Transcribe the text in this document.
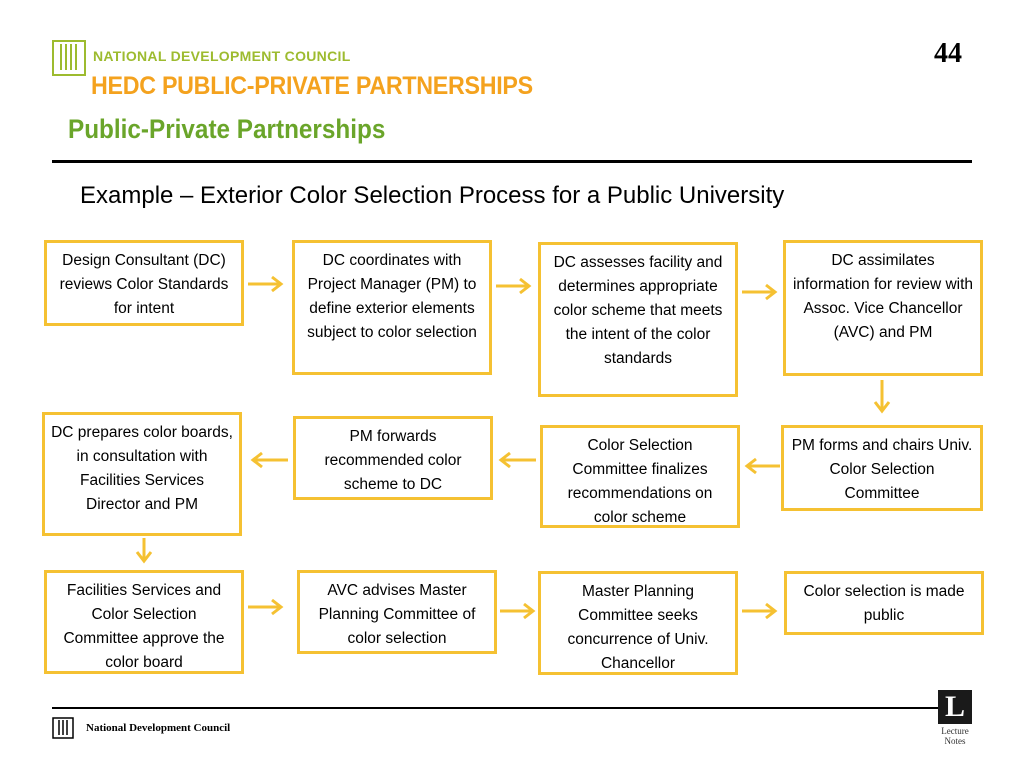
NATIONAL DEVELOPMENT COUNCIL
HEDC PUBLIC-PRIVATE PARTNERSHIPS
44
Public-Private Partnerships
Example – Exterior Color Selection Process for a Public University
Design Consultant (DC) reviews Color Standards for intent
DC coordinates with Project Manager (PM) to define exterior elements subject to color selection
DC assesses facility and determines appropriate color scheme that meets the intent of the color standards
DC assimilates information for review with Assoc. Vice Chancellor (AVC) and PM
PM forms and chairs Univ. Color Selection Committee
Color Selection Committee finalizes recommendations on color scheme
PM forwards recommended color scheme to DC
DC prepares color boards, in consultation with Facilities Services Director and PM
Facilities Services and Color Selection Committee approve the color board
AVC advises Master Planning Committee of color selection
Master Planning Committee seeks concurrence of Univ. Chancellor
Color selection is made public
National Development Council
L
Lecture
Notes
